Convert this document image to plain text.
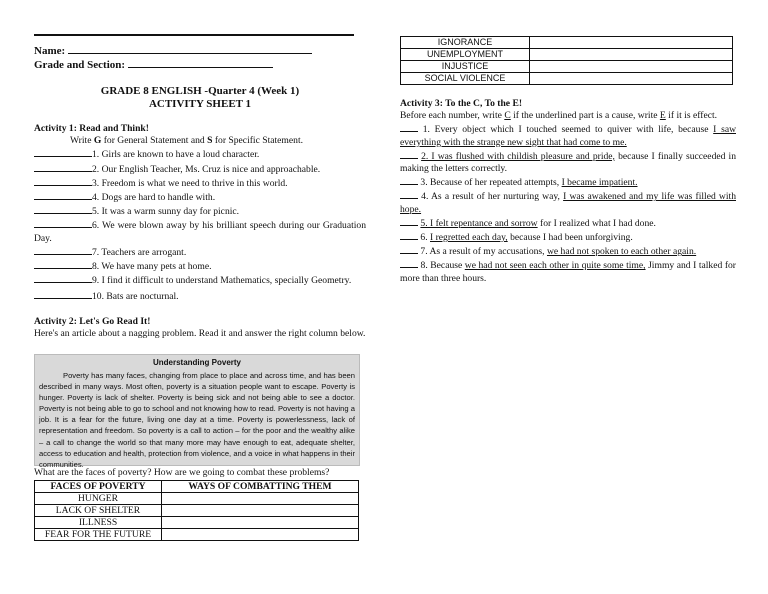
Name:
Grade and Section:
GRADE 8 ENGLISH -Quarter 4 (Week 1)
ACTIVITY SHEET 1
Activity 1: Read and Think!
Write G for General Statement and S for Specific Statement.

1. Girls are known to have a loud character.

2. Our English Teacher, Ms. Cruz is nice and approachable.

3. Freedom is what we need to thrive in this world.

4. Dogs are hard to handle with.

5. It was a warm sunny day for picnic.

6. We were blown away by his brilliant speech during our Graduation Day.

7. Teachers are arrogant.

8. We have many pets at home.

9. I find it difficult to understand Mathematics, specially Geometry.

10. Bats are nocturnal.

Activity 2: Let's Go Read It!
Here's an article about a nagging problem. Read it and answer the right column below.
Understanding Poverty
Poverty has many faces, changing from place to place and across time, and has been described in many ways. Most often, poverty is a situation people want to escape. Poverty is hunger. Poverty is lack of shelter. Poverty is being sick and not being able to see a doctor. Poverty is not being able to go to school and not knowing how to read. Poverty is not having a job. It is a fear for the future, living one day at a time. Poverty is powerlessness, lack of representation and freedom. So poverty is a call to action – for the poor and the wealthy alike – a call to change the world so that many more may have enough to eat, adequate shelter, access to education and health, protection from violence, and a voice in what happens in their communities.
What are the faces of poverty? How are we going to combat these problems?
FACES OF POVERTY	WAYS OF COMBATTING THEM
HUNGER	
LACK OF SHELTER	
ILLNESS	
FEAR FOR THE FUTURE	
IGNORANCE	
UNEMPLOYMENT	
INJUSTICE	
SOCIAL VIOLENCE	
Activity 3: To the C, To the E!
Before each number, write C if the underlined part is a cause, write E if it is effect.

1. Every object which I touched seemed to quiver with life, because I saw everything with the strange new sight that had come to me.

2. I was flushed with childish pleasure and pride, because I finally succeeded in making the letters correctly.

3. Because of her repeated attempts, I became impatient.

4. As a result of her nurturing way, I was awakened and my life was filled with hope.

5. I felt repentance and sorrow for I realized what I had done.

6. I regretted each day, because I had been unforgiving.

7. As a result of my accusations, we had not spoken to each other again.

8. Because we had not seen each other in quite some time, Jimmy and I talked for more than three hours.
